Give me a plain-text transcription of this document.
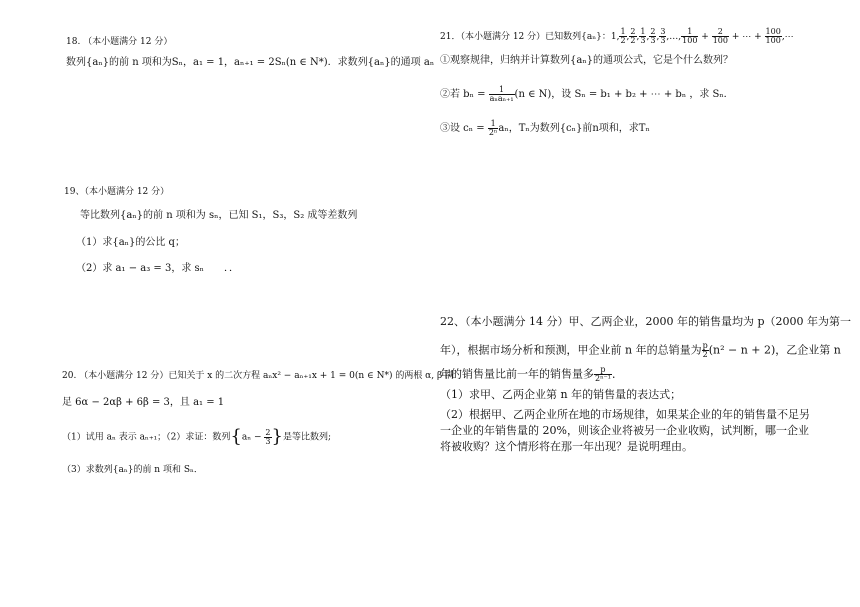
18. （本小题满分 12 分）
数列{aₙ}的前 n 项和为Sₙ，a₁ = 1，aₙ₊₁ = 2Sₙ(n ∈ N*)．求数列{aₙ}的通项 aₙ
19、（本小题满分 12 分）
等比数列{aₙ}的前 n 项和为 sₙ，已知 S₁，S₃，S₂ 成等差数列
（1）求{aₙ}的公比 q；
（2）求 a₁ − a₃ = 3，求 sₙ　　．．
20. （本小题满分 12 分）已知关于 x 的二次方程 aₙx² − aₙ₊₁x + 1 = 0(n ∈ N*) 的两根 α, β 满
足 6α − 2αβ + 6β = 3，且 a₁ = 1
（1）试用 aₙ 表示 aₙ₊₁；（2）求证：数列{$a_n - \frac{2}{3}$ }是等比数列;
（3）求数列{aₙ}的前 n 项和 Sₙ．
21．（本小题满分 12 分）已知数列{aₙ}：1, $\frac{1}{2}$ , $\frac{2}{2}$ , $\frac{1}{3}$ , $\frac{2}{3}$ , $\frac{3}{3}$ ,…, $\frac{1}{100} + \frac{2}{100}$ + ⋯ + $\frac{100}{100}$ ,⋯
①观察规律，归纳并计算数列{aₙ}的通项公式，它是个什么数列？
②若 bₙ =	1
aₙaₙ₊₁ (n ∈ N)，设 Sₙ = b₁ + b₂ + ⋯ + bₙ ，求 Sₙ．
③设 $c_n = \frac{1}{\text{2ⁿ}}$ aₙ，Tₙ为数列{cₙ}前n项和，求Tₙ
22、（本小题满分 14 分）甲、乙两企业，2000 年的销售量均为 p（2000 年为第一
年），根据市场分析和预测，甲企业前 n 年的总销量为 $\frac{p}{2} (n^2 - n + 2)$，乙企业第 n
年的销售量比前一年的销售量多 $\frac{p}{\text{2ⁿ⁻¹}}$ ．
（1）求甲、乙两企业第 n 年的销售量的表达式；
（2）根据甲、乙两企业所在地的市场规律，如果某企业的年的销售量不足另一企业的年销售量的 20%，则该企业将被另一企业收购，试判断，哪一企业将被收购？这个情形将在那一年出现？是说明理由。
